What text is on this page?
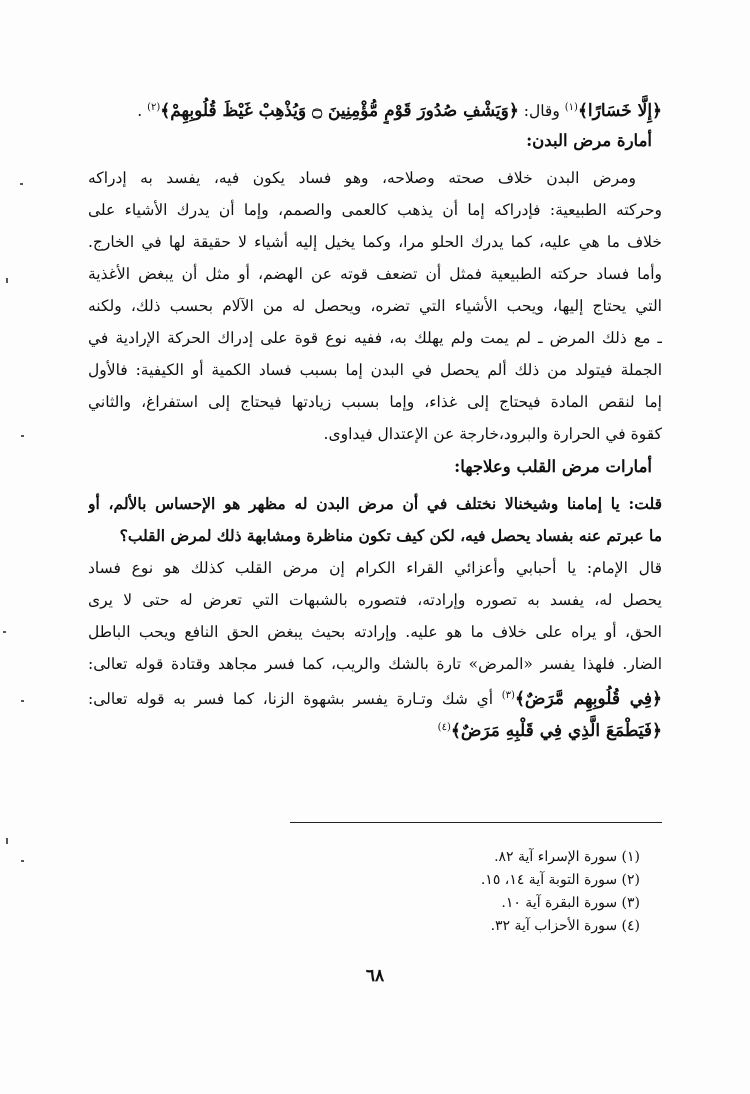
﴿إِلَّا خَسَارًا﴾$^{(١)}$ وقال: ﴿وَيَشْفِ صُدُورَ قَوْمٍ مُّؤْمِنِينَ ۝ وَيُذْهِبْ غَيْظَ قُلُوبِهِمْ﴾$^{(٢)}$ .
أمارة مرض البدن:
ومرض البدن خلاف صحته وصلاحه، وهو فساد يكون فيه، يفسد به إدراكه
وحركته الطبيعية: فإدراكه إما أن يذهب كالعمى والصمم، وإما أن يدرك الأشياء على
خلاف ما هي عليه، كما يدرك الحلو مرا، وكما يخيل إليه أشياء لا حقيقة لها في الخارج.
وأما فساد حركته الطبيعية فمثل أن تضعف قوته عن الهضم، أو مثل أن يبغض الأغذية
التي يحتاج إليها، ويحب الأشياء التي تضره، ويحصل له من الآلام بحسب ذلك، ولكنه
ـ مع ذلك المرض ـ لم يمت ولم يهلك به، ففيه نوع قوة على إدراك الحركة الإرادية في
الجملة فيتولد من ذلك ألم يحصل في البدن إما بسبب فساد الكمية أو الكيفية: فالأول
إما لنقص المادة فيحتاج إلى غذاء، وإما بسبب زيادتها فيحتاج إلى استفراغ، والثاني
كقوة في الحرارة والبرود،خارجة عن الإعتدال فيداوى.
أمارات مرض القلب وعلاجها:
قلت: يا إمامنا وشيخنالا نختلف في أن مرض البدن له مظهر هو الإحساس بالألم، أو
ما عبرتم عنه بفساد يحصل فيه، لكن كيف تكون مناظرة ومشابهة ذلك لمرض القلب؟
قال الإمام: يا أحبابي وأعزائي القراء الكرام إن مرض القلب كذلك هو نوع فساد
يحصل له، يفسد به تصوره وإرادته، فتصوره بالشبهات التي تعرض له حتى لا يرى
الحق، أو يراه على خلاف ما هو عليه. وإرادته بحيث يبغض الحق النافع ويحب الباطل
الضار. فلهذا يفسر «المرض» تارة بالشك والريب، كما فسر مجاهد وقتادة قوله تعالى:
﴿فِي قُلُوبِهِم مَّرَضٌ﴾$^{(٣)}$ أي شك وتـارة يفسر بشهوة الزنا، كما فسر به قوله تعالى:
﴿فَيَطْمَعَ الَّذِي فِي قَلْبِهِ مَرَضٌ﴾$^{(٤)}$
(١) سورة الإسراء آية ٨٢.
(٢) سورة التوبة آية ١٤، ١٥.
(٣) سورة البقرة آية ١٠.
(٤) سورة الأحزاب آية ٣٢.
٦٨
